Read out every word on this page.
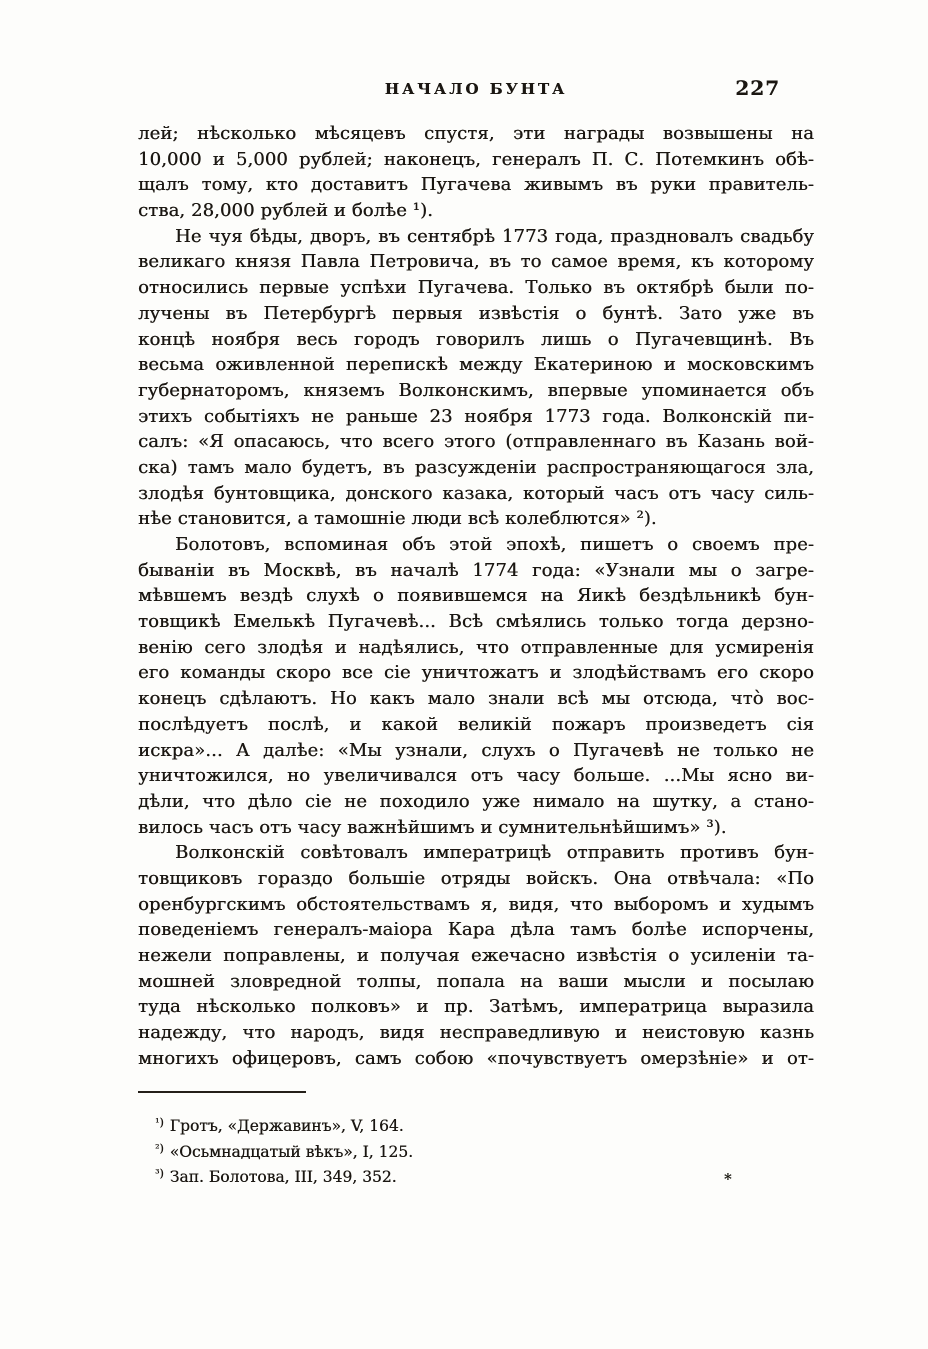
НАЧАЛО БУНТА	227
лей; нѣсколько мѣсяцевъ спустя, эти награды возвышены на
10,000 и 5,000 рублей; наконецъ, генералъ П. С. Потемкинъ обѣ-
щалъ тому, кто доставитъ Пугачева живымъ въ руки правитель-
ства, 28,000 рублей и болѣе ¹).
Не чуя бѣды, дворъ, въ сентябрѣ 1773 года, праздновалъ свадьбу
великаго князя Павла Петровича, въ то самое время, къ которому
относились первые успѣхи Пугачева. Только въ октябрѣ были по-
лучены въ Петербургѣ первыя извѣстія о бунтѣ. Зато уже въ
концѣ ноября весь городъ говорилъ лишь о Пугачевщинѣ. Въ
весьма оживленной перепискѣ между Екатериною и московскимъ
губернаторомъ, княземъ Волконскимъ, впервые упоминается объ
этихъ событіяхъ не раньше 23 ноября 1773 года. Волконскій пи-
салъ: «Я опасаюсь, что всего этого (отправленнаго въ Казань вой-
ска) тамъ мало будетъ, въ разсужденіи распространяющагося зла,
злодѣя бунтовщика, донского казака, который часъ отъ часу силь-
нѣе становится, а тамошніе люди всѣ колеблются» ²).
Болотовъ, вспоминая объ этой эпохѣ, пишетъ о своемъ пре-
бываніи въ Москвѣ, въ началѣ 1774 года: «Узнали мы о загре-
мѣвшемъ вездѣ слухѣ о появившемся на Яикѣ бездѣльникѣ бун-
товщикѣ Емелькѣ Пугачевѣ... Всѣ смѣялись только тогда дерзно-
венію сего злодѣя и надѣялись, что отправленные для усмиренія
его команды скоро все сіе уничтожатъ и злодѣйствамъ его скоро
конецъ сдѣлаютъ. Но какъ мало знали всѣ мы отсюда, чтò вос-
послѣдуетъ послѣ, и какой великій пожаръ произведетъ сія
искра»... А далѣе: «Мы узнали, слухъ о Пугачевѣ не только не
уничтожился, но увеличивался отъ часу больше. ...Мы ясно ви-
дѣли, что дѣло сіе не походило уже нимало на шутку, а стано-
вилось часъ отъ часу важнѣйшимъ и сумнительнѣйшимъ» ³).
Волконскій совѣтовалъ императрицѣ отправить противъ бун-
товщиковъ гораздо большіе отряды войскъ. Она отвѣчала: «По
оренбургскимъ обстоятельствамъ я, видя, что выборомъ и худымъ
поведеніемъ генералъ-маіора Кара дѣла тамъ болѣе испорчены,
нежели поправлены, и получая ежечасно извѣстія о усиленіи та-
мошней зловредной толпы, попала на ваши мысли и посылаю
туда нѣсколько полковъ» и пр. Затѣмъ, императрица выразила
надежду, что народъ, видя несправедливую и неистовую казнь
многихъ офицеровъ, самъ собою «почувствуетъ омерзѣніе» и от-
$^{^1)}$ Гротъ, «Державинъ», V, 164.
$^{^2)}$ «Осьмнадцатый вѣкъ», I, 125.
$^{^3)}$ Зап. Болотова, III, 349, 352.	*
